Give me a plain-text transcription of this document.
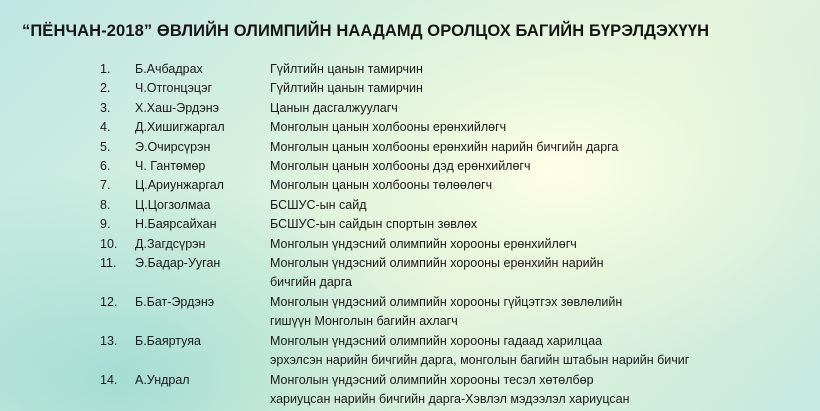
“ПЁНЧАН-2018” ӨВЛИЙН ОЛИМПИЙН НААДАМД ОРОЛЦОХ БАГИЙН БҮРЭЛДЭХҮҮН
1. Б.Ачбадрах	Гүйлтийн цанын тамирчин
2. Ч.Отгонцэцэг	Гүйлтийн цанын тамирчин
3. Х.Хаш-Эрдэнэ	Цанын дасгалжуулагч
4. Д.Хишигжаргал	Монголын цанын холбооны ерөнхийлөгч
5. Э.Очирсүрэн	Монголын цанын холбооны ерөнхийн нарийн бичгийн дарга
6. Ч. Гантөмөр	Монголын цанын холбооны дэд ерөнхийлөгч
7. Ц.Ариунжаргал	Монголын цанын холбооны төлөөлөгч
8. Ц.Цогзолмаа	БСШУС-ын сайд
9. Н.Баярсайхан	БСШУС-ын сайдын спортын зөвлөх
10. Д.Загдсүрэн	Монголын үндэсний олимпийн хорооны ерөнхийлөгч
11. Э.Бадар-Ууган	Монголын үндэсний олимпийн хорооны ерөнхийн нарийн
бичгийн дарга
12. Б.Бат-Эрдэнэ	Монголын үндэсний олимпийн хорооны гүйцэтгэх зөвлөлийн
гишүүн Монголын багийн ахлагч
13. Б.Баяртуяа	Монголын үндэсний олимпийн хорооны гадаад харилцаа
эрхэлсэн нарийн бичгийн дарга, монголын багийн штабын нарийн бичиг
14. А.Ундрал	Монголын үндэсний олимпийн хорооны тесэл хөтөлбөр
хариуцсан нарийн бичгийн дарга-Хэвлэл мэдээлэл хариуцсан
